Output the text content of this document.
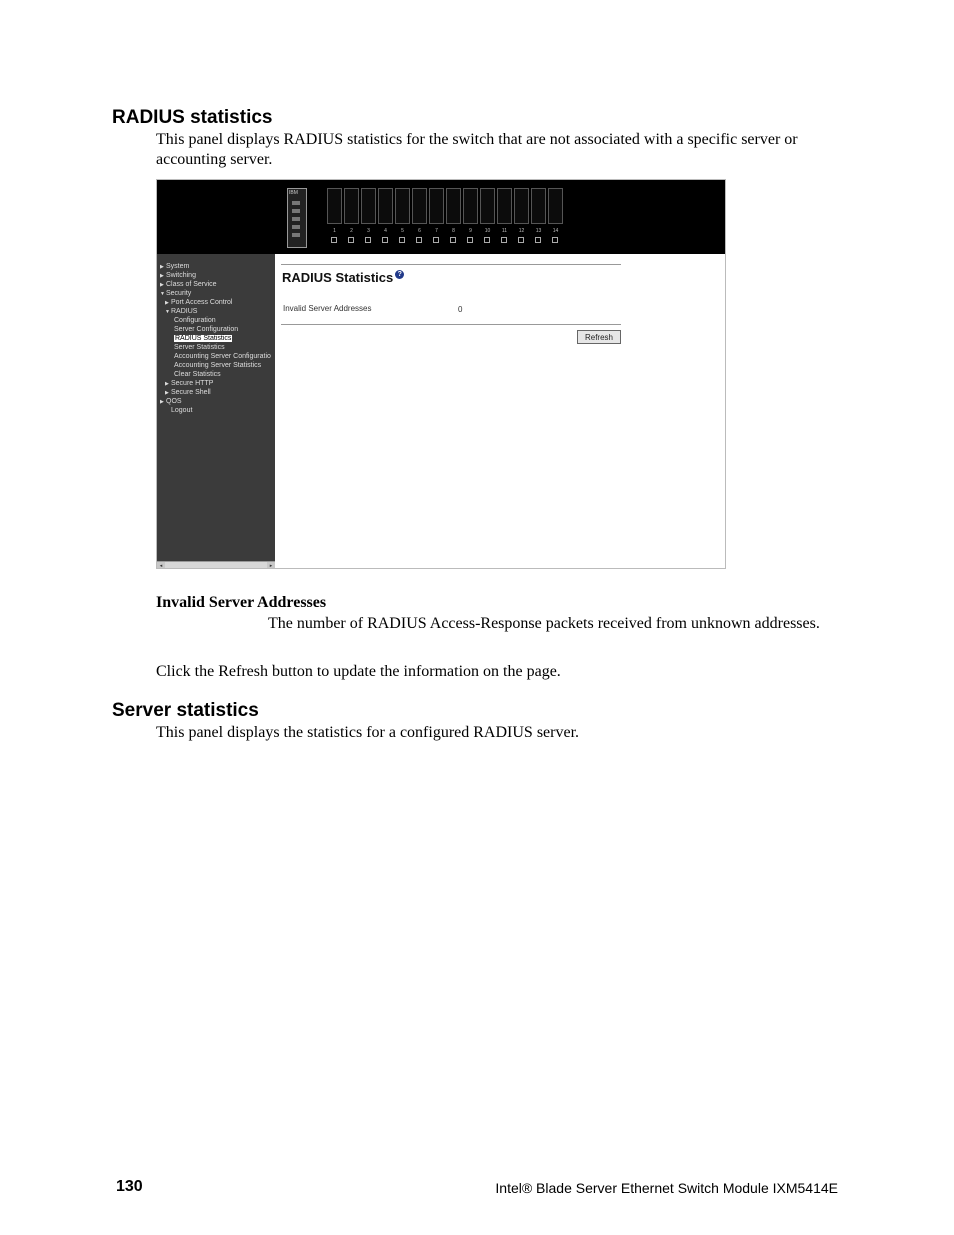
RADIUS statistics

This panel displays RADIUS statistics for the switch that are not associated with a specific server or accounting server.

IBM
1	2	3	4	5	6	7	8	9	10	11	12	13	14
▶ System
▶ Switching
▶ Class of Service
▼Security
▶ Port Access Control
▼RADIUS
Configuration
Server Configuration
RADIUS Statistics
Server Statistics
Accounting Server Configuratio
Accounting Server Statistics
Clear Statistics
▶ Secure HTTP
▶ Secure Shell
▶ QOS
Logout
◂	▸
RADIUS Statistics ?
Invalid Server Addresses	0
Refresh

Invalid Server Addresses

The number of RADIUS Access-Response packets received from unknown addresses.

Click the Refresh button to update the information on the page.

Server statistics

This panel displays the statistics for a configured RADIUS server.

130	Intel® Blade Server Ethernet Switch Module IXM5414E
